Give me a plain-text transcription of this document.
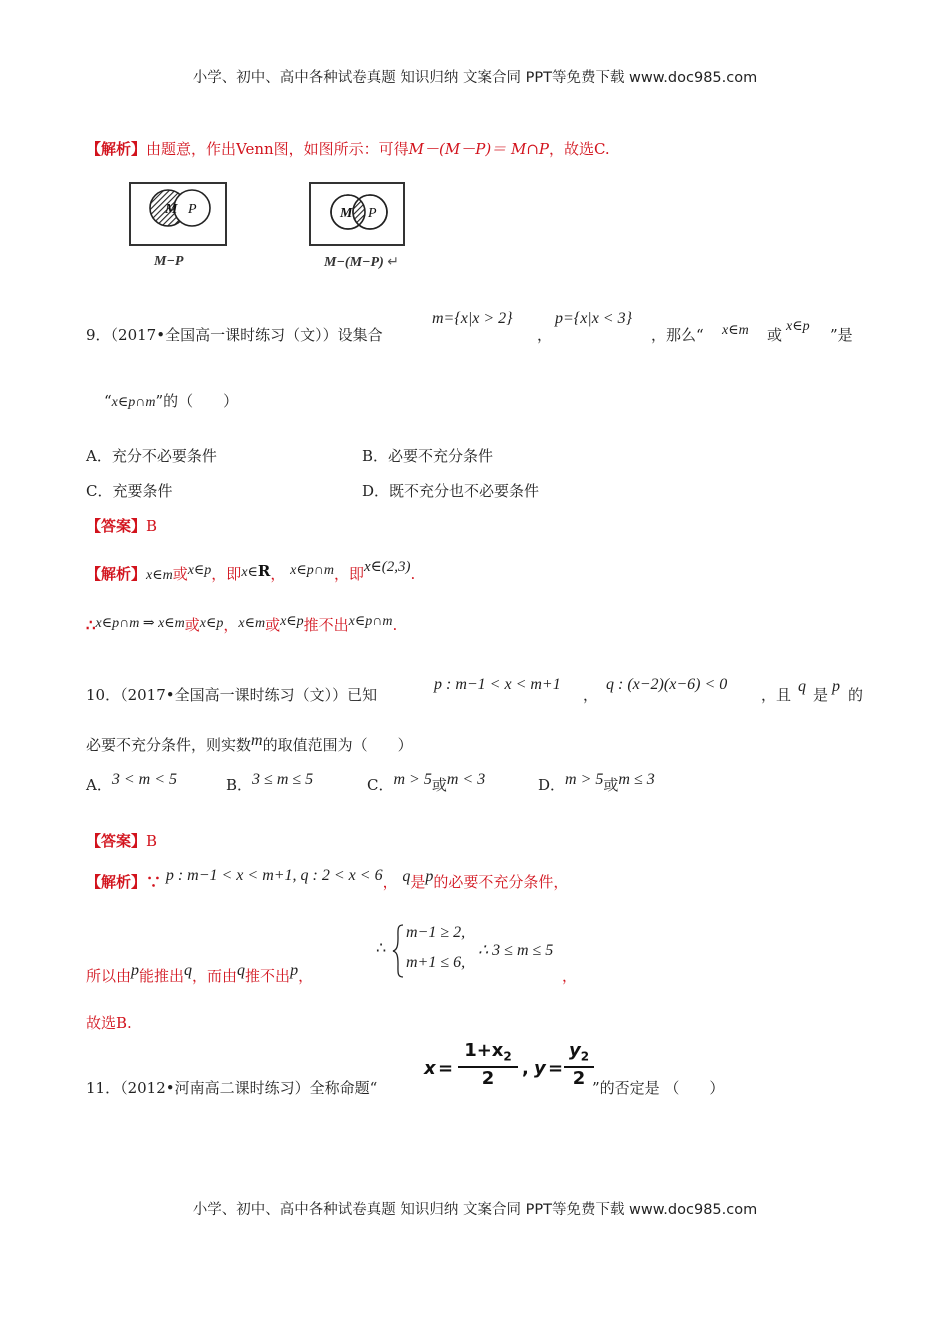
小学、初中、高中各种试卷真题 知识归纳 文案合同 PPT等免费下载 www.doc985.com
【解析】由题意，作出Venn图，如图所示：可得M－(M－P)＝ M∩P，故选C.
M P
M−P
M P
M−(M−P) ↵
9．（2017•全国高一课时练习（文））设集合
m={x|x > 2}
，
p={x|x < 3}
，那么“ x∈m 或 x∈p ”是
“x∈p∩m”的（　　）
A．充分不必要条件	B．必要不充分条件
C．充要条件	D．既不充分也不必要条件
【答案】B
【解析】x∈m或x∈p，即x∈R， x∈p∩m，即x∈(2,3).
∴x∈p∩m ⇒ x∈m或x∈p，x∈m或x∈p推不出x∈p∩m.
10．（2017•全国高一课时练习（文））已知
p : m−1 < x < m+1
，
q : (x−2)(x−6) < 0
，且 q 是 p 的
必要不充分条件，则实数m的取值范围为（　　）
A．3 < m < 5	B．3 ≤ m ≤ 5	C．m > 5或m < 3	D．m > 5或m ≤ 3
【答案】B
【解析】∵ p : m−1 < x < m+1, q : 2 < x < 6， q是p的必要不充分条件，
所以由p能推出q，而由q推不出p，
∴
m−1 ≥ 2,
m+1 ≤ 6,
∴ 3 ≤ m ≤ 5
，
故选B.
11．（2012•河南高二课时练习）全称命题“
x =
$1+x_2$
2	, y =
$y_2$
2 ”的否定是 （　　）
小学、初中、高中各种试卷真题 知识归纳 文案合同 PPT等免费下载 www.doc985.com
